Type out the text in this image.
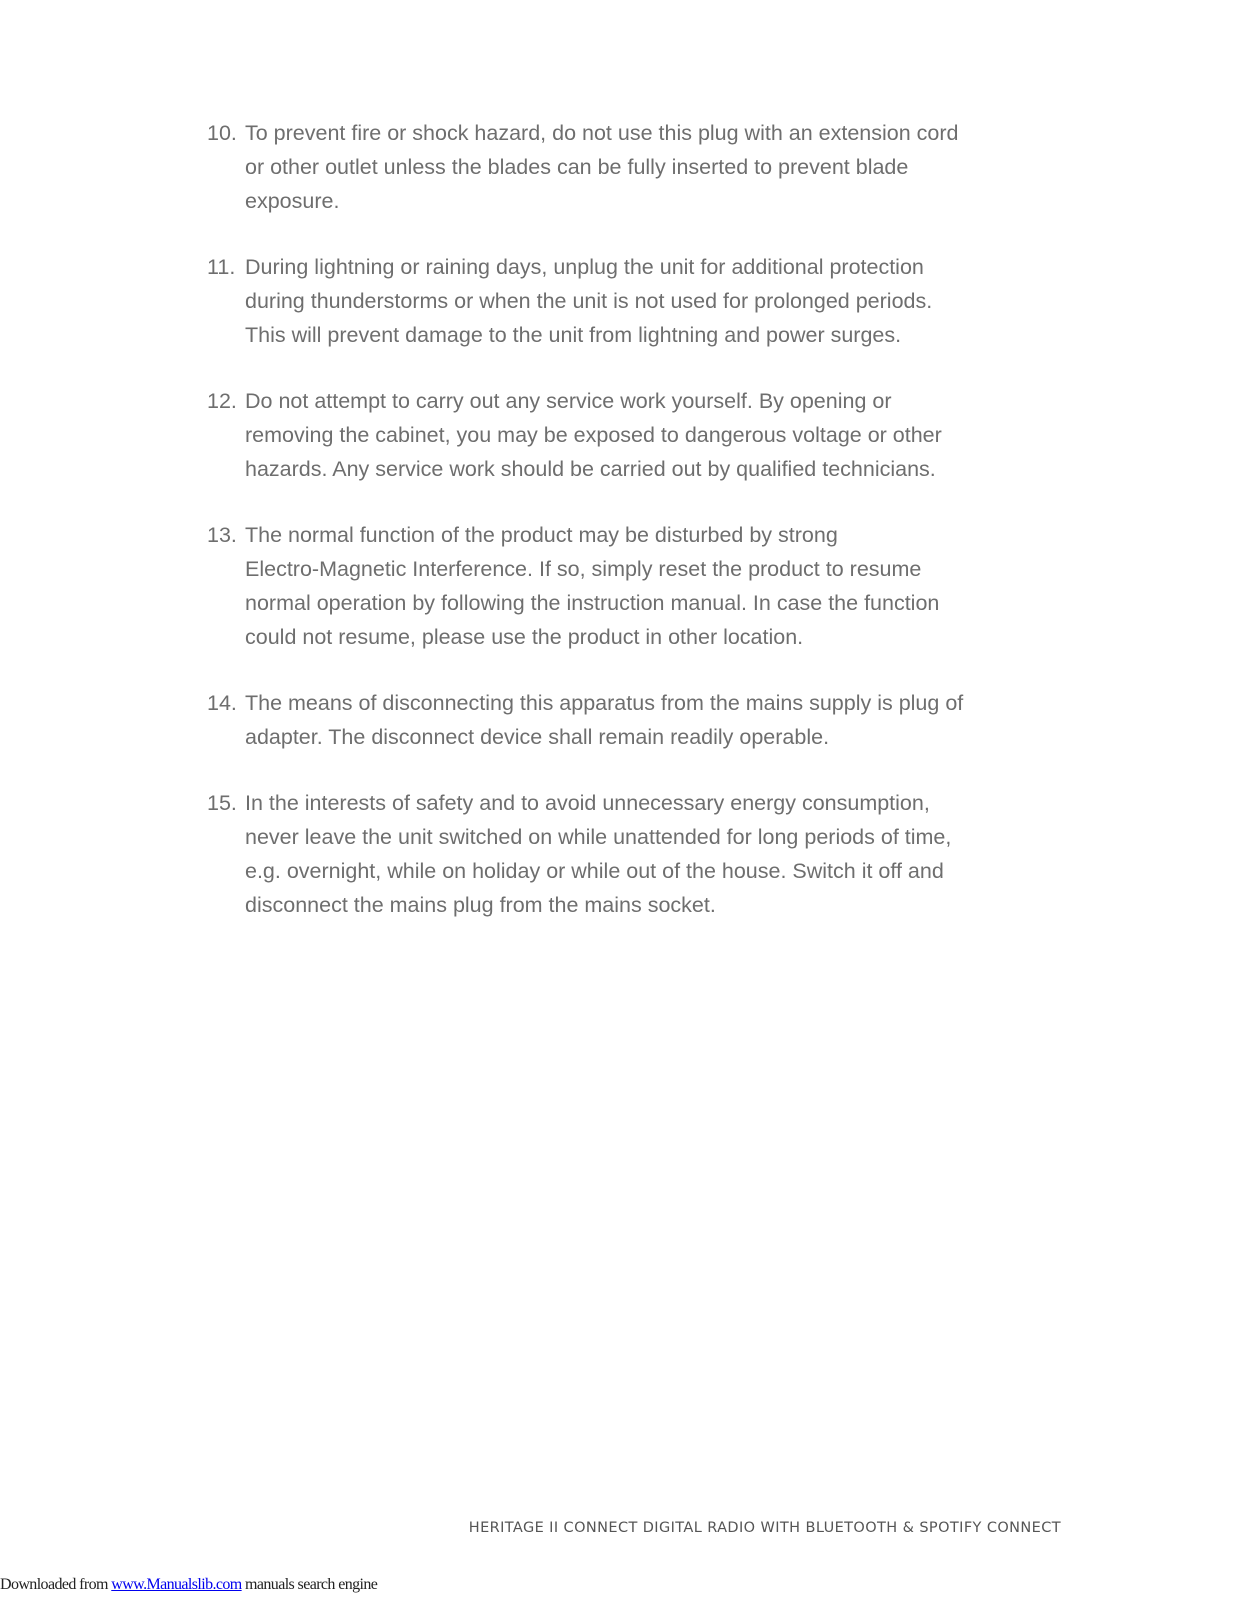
10. To prevent fire or shock hazard, do not use this plug with an extension cord
or other outlet unless the blades can be fully inserted to prevent blade
exposure.
11. During lightning or raining days, unplug the unit for additional protection
during thunderstorms or when the unit is not used for prolonged periods.
This will prevent damage to the unit from lightning and power surges.
12. Do not attempt to carry out any service work yourself. By opening or
removing the cabinet, you may be exposed to dangerous voltage or other
hazards. Any service work should be carried out by qualified technicians.
13. The normal function of the product may be disturbed by strong
Electro-Magnetic Interference. If so, simply reset the product to resume
normal operation by following the instruction manual. In case the function
could not resume, please use the product in other location.
14. The means of disconnecting this apparatus from the mains supply is plug of
adapter. The disconnect device shall remain readily operable.
15. In the interests of safety and to avoid unnecessary energy consumption,
never leave the unit switched on while unattended for long periods of time,
e.g. overnight, while on holiday or while out of the house. Switch it off and
disconnect the mains plug from the mains socket.
HERITAGE II CONNECT DIGITAL RADIO WITH BLUETOOTH & SPOTIFY CONNECT
Downloaded from www.Manualslib.com manuals search engine
